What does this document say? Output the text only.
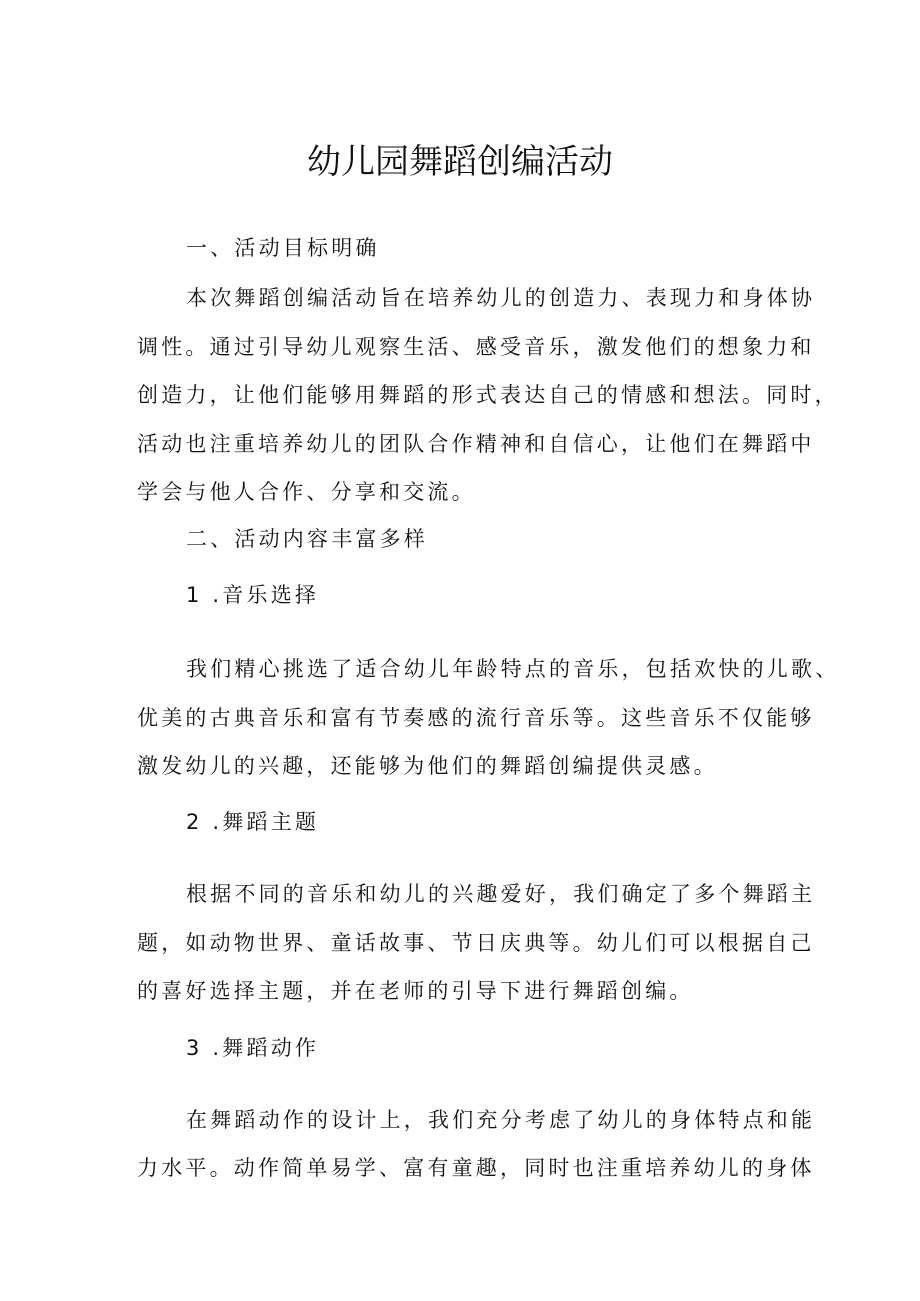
幼儿园舞蹈创编活动

一、活动目标明确

本次舞蹈创编活动旨在培养幼儿的创造力、表现力和身体协

调性。通过引导幼儿观察生活、感受音乐，激发他们的想象力和

创造力，让他们能够用舞蹈的形式表达自己的情感和想法。同时，

活动也注重培养幼儿的团队合作精神和自信心，让他们在舞蹈中

学会与他人合作、分享和交流。

二、活动内容丰富多样

1 .音乐选择

我们精心挑选了适合幼儿年龄特点的音乐，包括欢快的儿歌、

优美的古典音乐和富有节奏感的流行音乐等。这些音乐不仅能够

激发幼儿的兴趣，还能够为他们的舞蹈创编提供灵感。

2 .舞蹈主题

根据不同的音乐和幼儿的兴趣爱好，我们确定了多个舞蹈主

题，如动物世界、童话故事、节日庆典等。幼儿们可以根据自己

的喜好选择主题，并在老师的引导下进行舞蹈创编。

3 .舞蹈动作

在舞蹈动作的设计上，我们充分考虑了幼儿的身体特点和能

力水平。动作简单易学、富有童趣，同时也注重培养幼儿的身体
